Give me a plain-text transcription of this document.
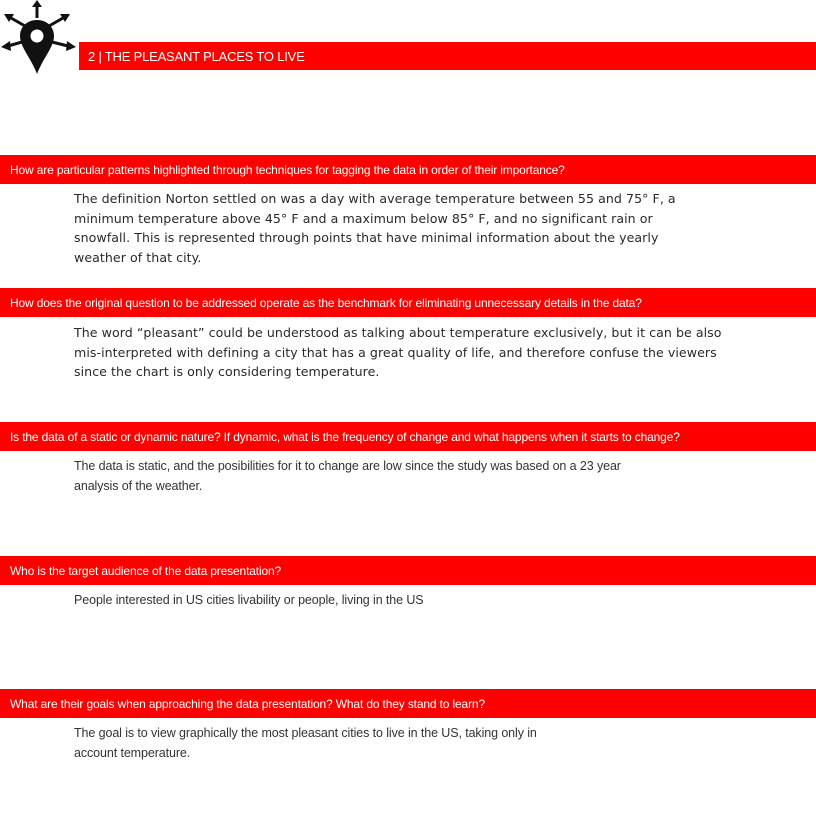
2 | THE PLEASANT PLACES TO LIVE
How are particular patterns highlighted through techniques for tagging the data in order of their importance?
The definition Norton settled on was a day with average temperature between 55 and 75° F, a
minimum temperature above 45° F and a maximum below 85° F, and no significant rain or
snowfall. This is represented through points that have minimal information about the yearly
weather of that city.
How does the original question to be addressed operate as the benchmark for eliminating unnecessary details in the data?
The word “pleasant” could be understood as talking about temperature exclusively, but it can be also
mis-interpreted with defining a city that has a great quality of life, and therefore confuse the viewers
since the chart is only considering temperature.
Is the data of a static or dynamic nature? If dynamic, what is the frequency of change and what happens when it starts to change?
The data is static, and the posibilities for it to change are low since the study was based on a 23 year
analysis of the weather.
Who is the target audience of the data presentation?
People interested in US cities livability or people, living in the US
What are their goals when approaching the data presentation? What do they stand to learn?
The goal is to view graphically the most pleasant cities to live in the US, taking only in
account temperature.
